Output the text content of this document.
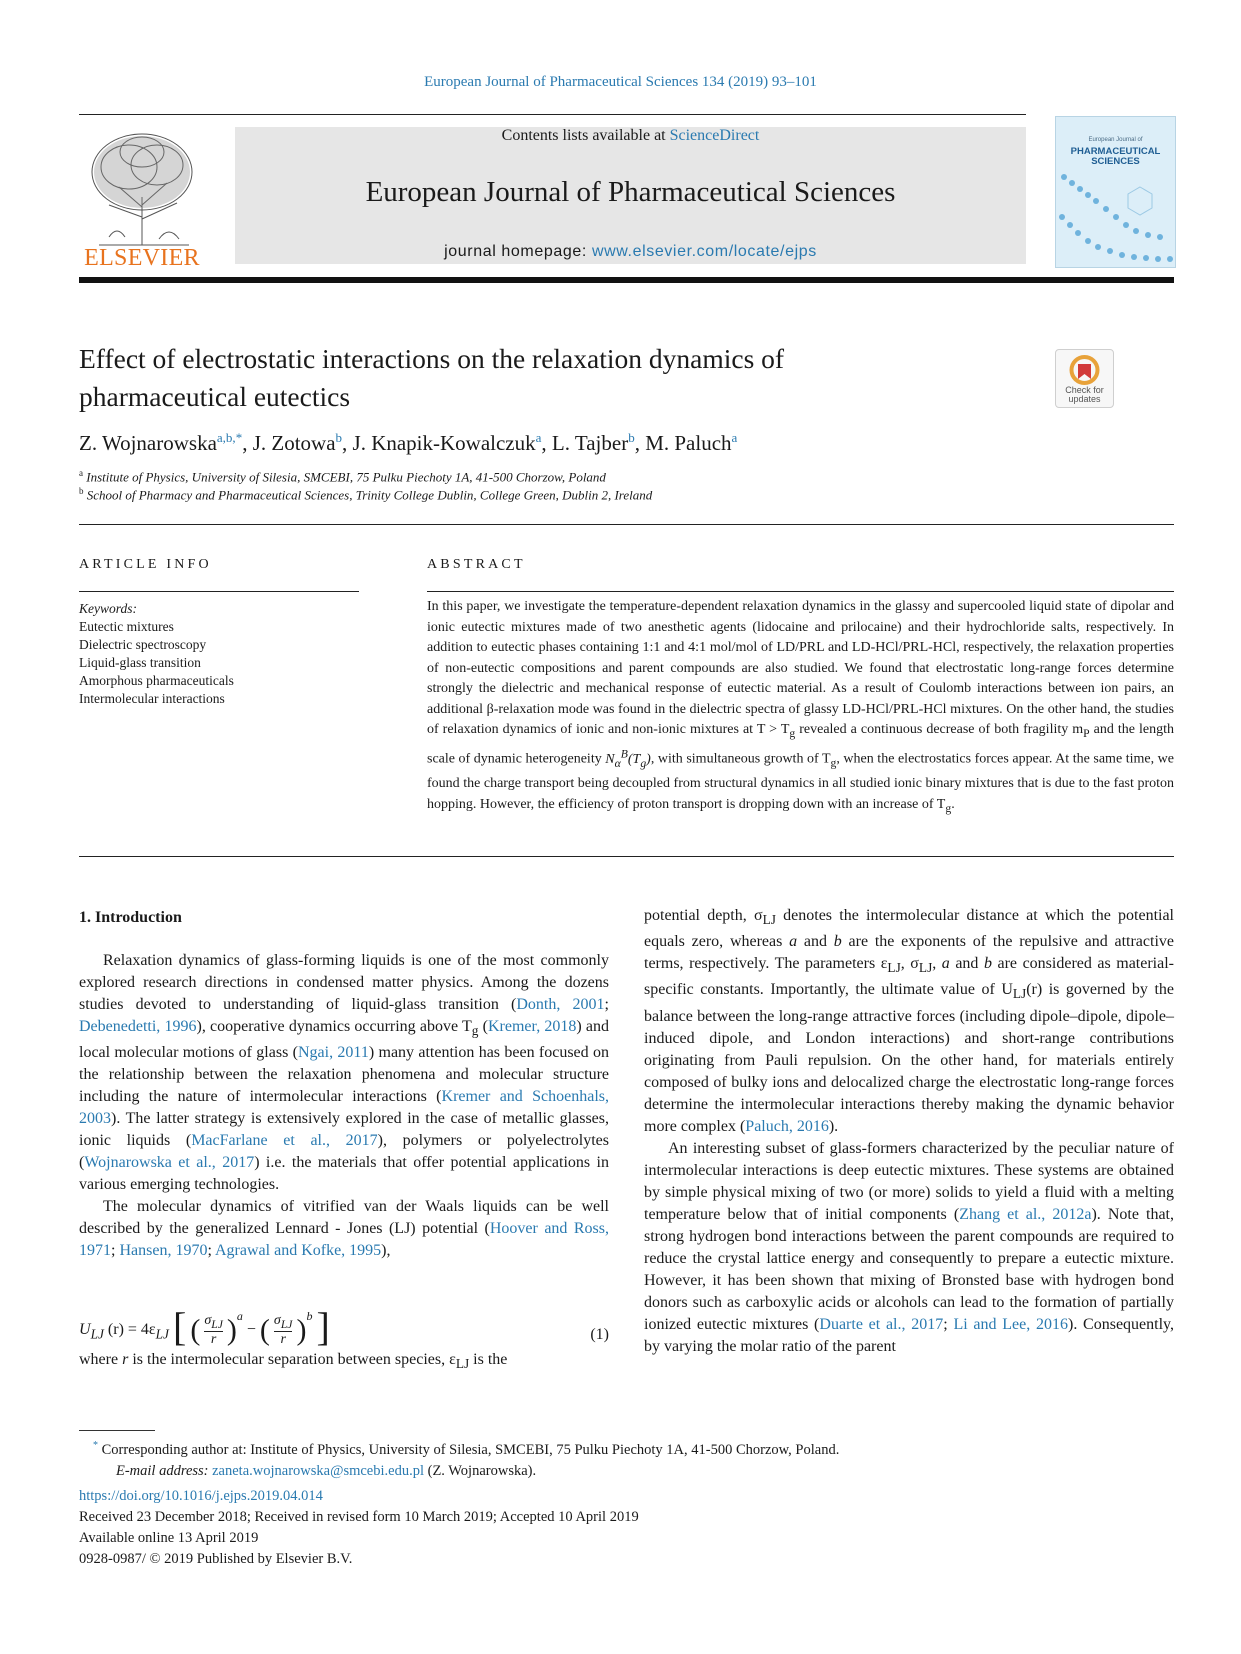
European Journal of Pharmaceutical Sciences 134 (2019) 93–101
ELSEVIER
Contents lists available at ScienceDirect
European Journal of Pharmaceutical Sciences
journal homepage: www.elsevier.com/locate/ejps
European Journal of
PHARMACEUTICAL
SCIENCES
Effect of electrostatic interactions on the relaxation dynamics of
pharmaceutical eutectics	Check for updates
Z. Wojnarowska$^{a,b,*}$, J. Zotowa$^b$, J. Knapik-Kowalczuk$^a$, L. Tajber$^b$, M. Paluch$^a$
$^a$ Institute of Physics, University of Silesia, SMCEBI, 75 Pulku Piechoty 1A, 41-500 Chorzow, Poland
$^b$ School of Pharmacy and Pharmaceutical Sciences, Trinity College Dublin, College Green, Dublin 2, Ireland
ARTICLE INFO	ABSTRACT
Keywords:
Eutectic mixtures
Dielectric spectroscopy
Liquid-glass transition
Amorphous pharmaceuticals
Intermolecular interactions
In this paper, we investigate the temperature-dependent relaxation dynamics in the glassy and supercooled liquid state of dipolar and ionic eutectic mixtures made of two anesthetic agents (lidocaine and prilocaine) and their hydrochloride salts, respectively. In addition to eutectic phases containing 1:1 and 4:1 mol/mol of LD/PRL and LD-HCl/PRL-HCl, respectively, the relaxation properties of non-eutectic compositions and parent compounds are also studied. We found that electrostatic long-range forces determine strongly the dielectric and mechanical response of eutectic material. As a result of Coulomb interactions between ion pairs, an additional β-relaxation mode was found in the dielectric spectra of glassy LD-HCl/PRL-HCl mixtures. On the other hand, the studies of relaxation dynamics of ionic and non-ionic mixtures at $T > T_g$ revealed a continuous decrease of both fragility $m_P$ and the length scale of dynamic heterogeneity $N_\alpha^B(T_g)$, with simultaneous growth of $T_g$, when the electrostatics forces appear. At the same time, we found the charge transport being decoupled from structural dynamics in all studied ionic binary mixtures that is due to the fast proton hopping. However, the efficiency of proton transport is dropping down with an increase of $T_g$.
1. Introduction

Relaxation dynamics of glass-forming liquids is one of the most commonly explored research directions in condensed matter physics. Among the dozens studies devoted to understanding of liquid-glass transition (Donth, 2001; Debenedetti, 1996), cooperative dynamics occurring above $T_g$ (Kremer, 2018) and local molecular motions of glass (Ngai, 2011) many attention has been focused on the relationship between the relaxation phenomena and molecular structure including the nature of intermolecular interactions (Kremer and Schoenhals, 2003). The latter strategy is extensively explored in the case of metallic glasses, ionic liquids (MacFarlane et al., 2017), polymers or polyelectrolytes (Wojnarowska et al., 2017) i.e. the materials that offer potential applications in various emerging technologies.

The molecular dynamics of vitrified van der Waals liquids can be well described by the generalized Lennard - Jones (LJ) potential (Hoover and Ross, 1971; Hansen, 1970; Agrawal and Kofke, 1995),

$U_{LJ}$ $(r) = 4\varepsilon_{LJ}$ [ ( $\sigma_{LJ}$
r )$^a$ − ( $\sigma_{LJ}$
r )$^b$ ]	(1)
where r is the intermolecular separation between species, $\varepsilon_{LJ}$ is the

potential depth, $\sigma_{LJ}$ denotes the intermolecular distance at which the potential equals zero, whereas a and b are the exponents of the repulsive and attractive terms, respectively. The parameters $\varepsilon_{LJ}$, $\sigma_{LJ}$, a and b are considered as material-specific constants. Importantly, the ultimate value of $U_{LJ}(r)$ is governed by the balance between the long-range attractive forces (including dipole–dipole, dipole–induced dipole, and London interactions) and short-range contributions originating from Pauli repulsion. On the other hand, for materials entirely composed of bulky ions and delocalized charge the electrostatic long-range forces determine the intermolecular interactions thereby making the dynamic behavior more complex (Paluch, 2016).

An interesting subset of glass-formers characterized by the peculiar nature of intermolecular interactions is deep eutectic mixtures. These systems are obtained by simple physical mixing of two (or more) solids to yield a fluid with a melting temperature below that of initial components (Zhang et al., 2012a). Note that, strong hydrogen bond interactions between the parent compounds are required to reduce the crystal lattice energy and consequently to prepare a eutectic mixture. However, it has been shown that mixing of Bronsted base with hydrogen bond donors such as carboxylic acids or alcohols can lead to the formation of partially ionized eutectic mixtures (Duarte et al., 2017; Li and Lee, 2016). Consequently, by varying the molar ratio of the parent

* Corresponding author at: Institute of Physics, University of Silesia, SMCEBI, 75 Pulku Piechoty 1A, 41-500 Chorzow, Poland.
E-mail address: zaneta.wojnarowska@smcebi.edu.pl (Z. Wojnarowska).
https://doi.org/10.1016/j.ejps.2019.04.014
Received 23 December 2018; Received in revised form 10 March 2019; Accepted 10 April 2019
Available online 13 April 2019
0928-0987/ © 2019 Published by Elsevier B.V.
